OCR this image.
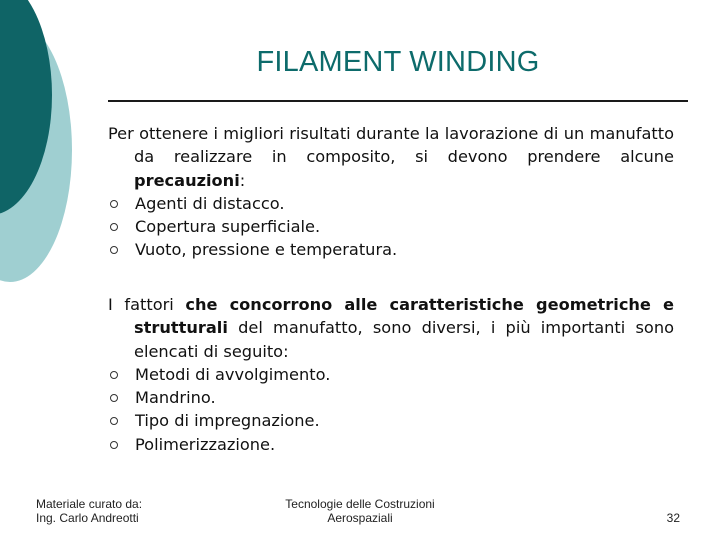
FILAMENT WINDING
Per ottenere i migliori risultati durante la lavorazione di un manufatto da realizzare in composito, si devono prendere alcune precauzioni:
Agenti di distacco.
Copertura superficiale.
Vuoto, pressione e temperatura.
I fattori che concorrono alle caratteristiche geometriche e strutturali del manufatto, sono diversi, i più importanti sono elencati di seguito:
Metodi di avvolgimento.
Mandrino.
Tipo di impregnazione.
Polimerizzazione.
Materiale curato da:
Ing. Carlo Andreotti
Tecnologie delle Costruzioni
Aerospaziali	32
